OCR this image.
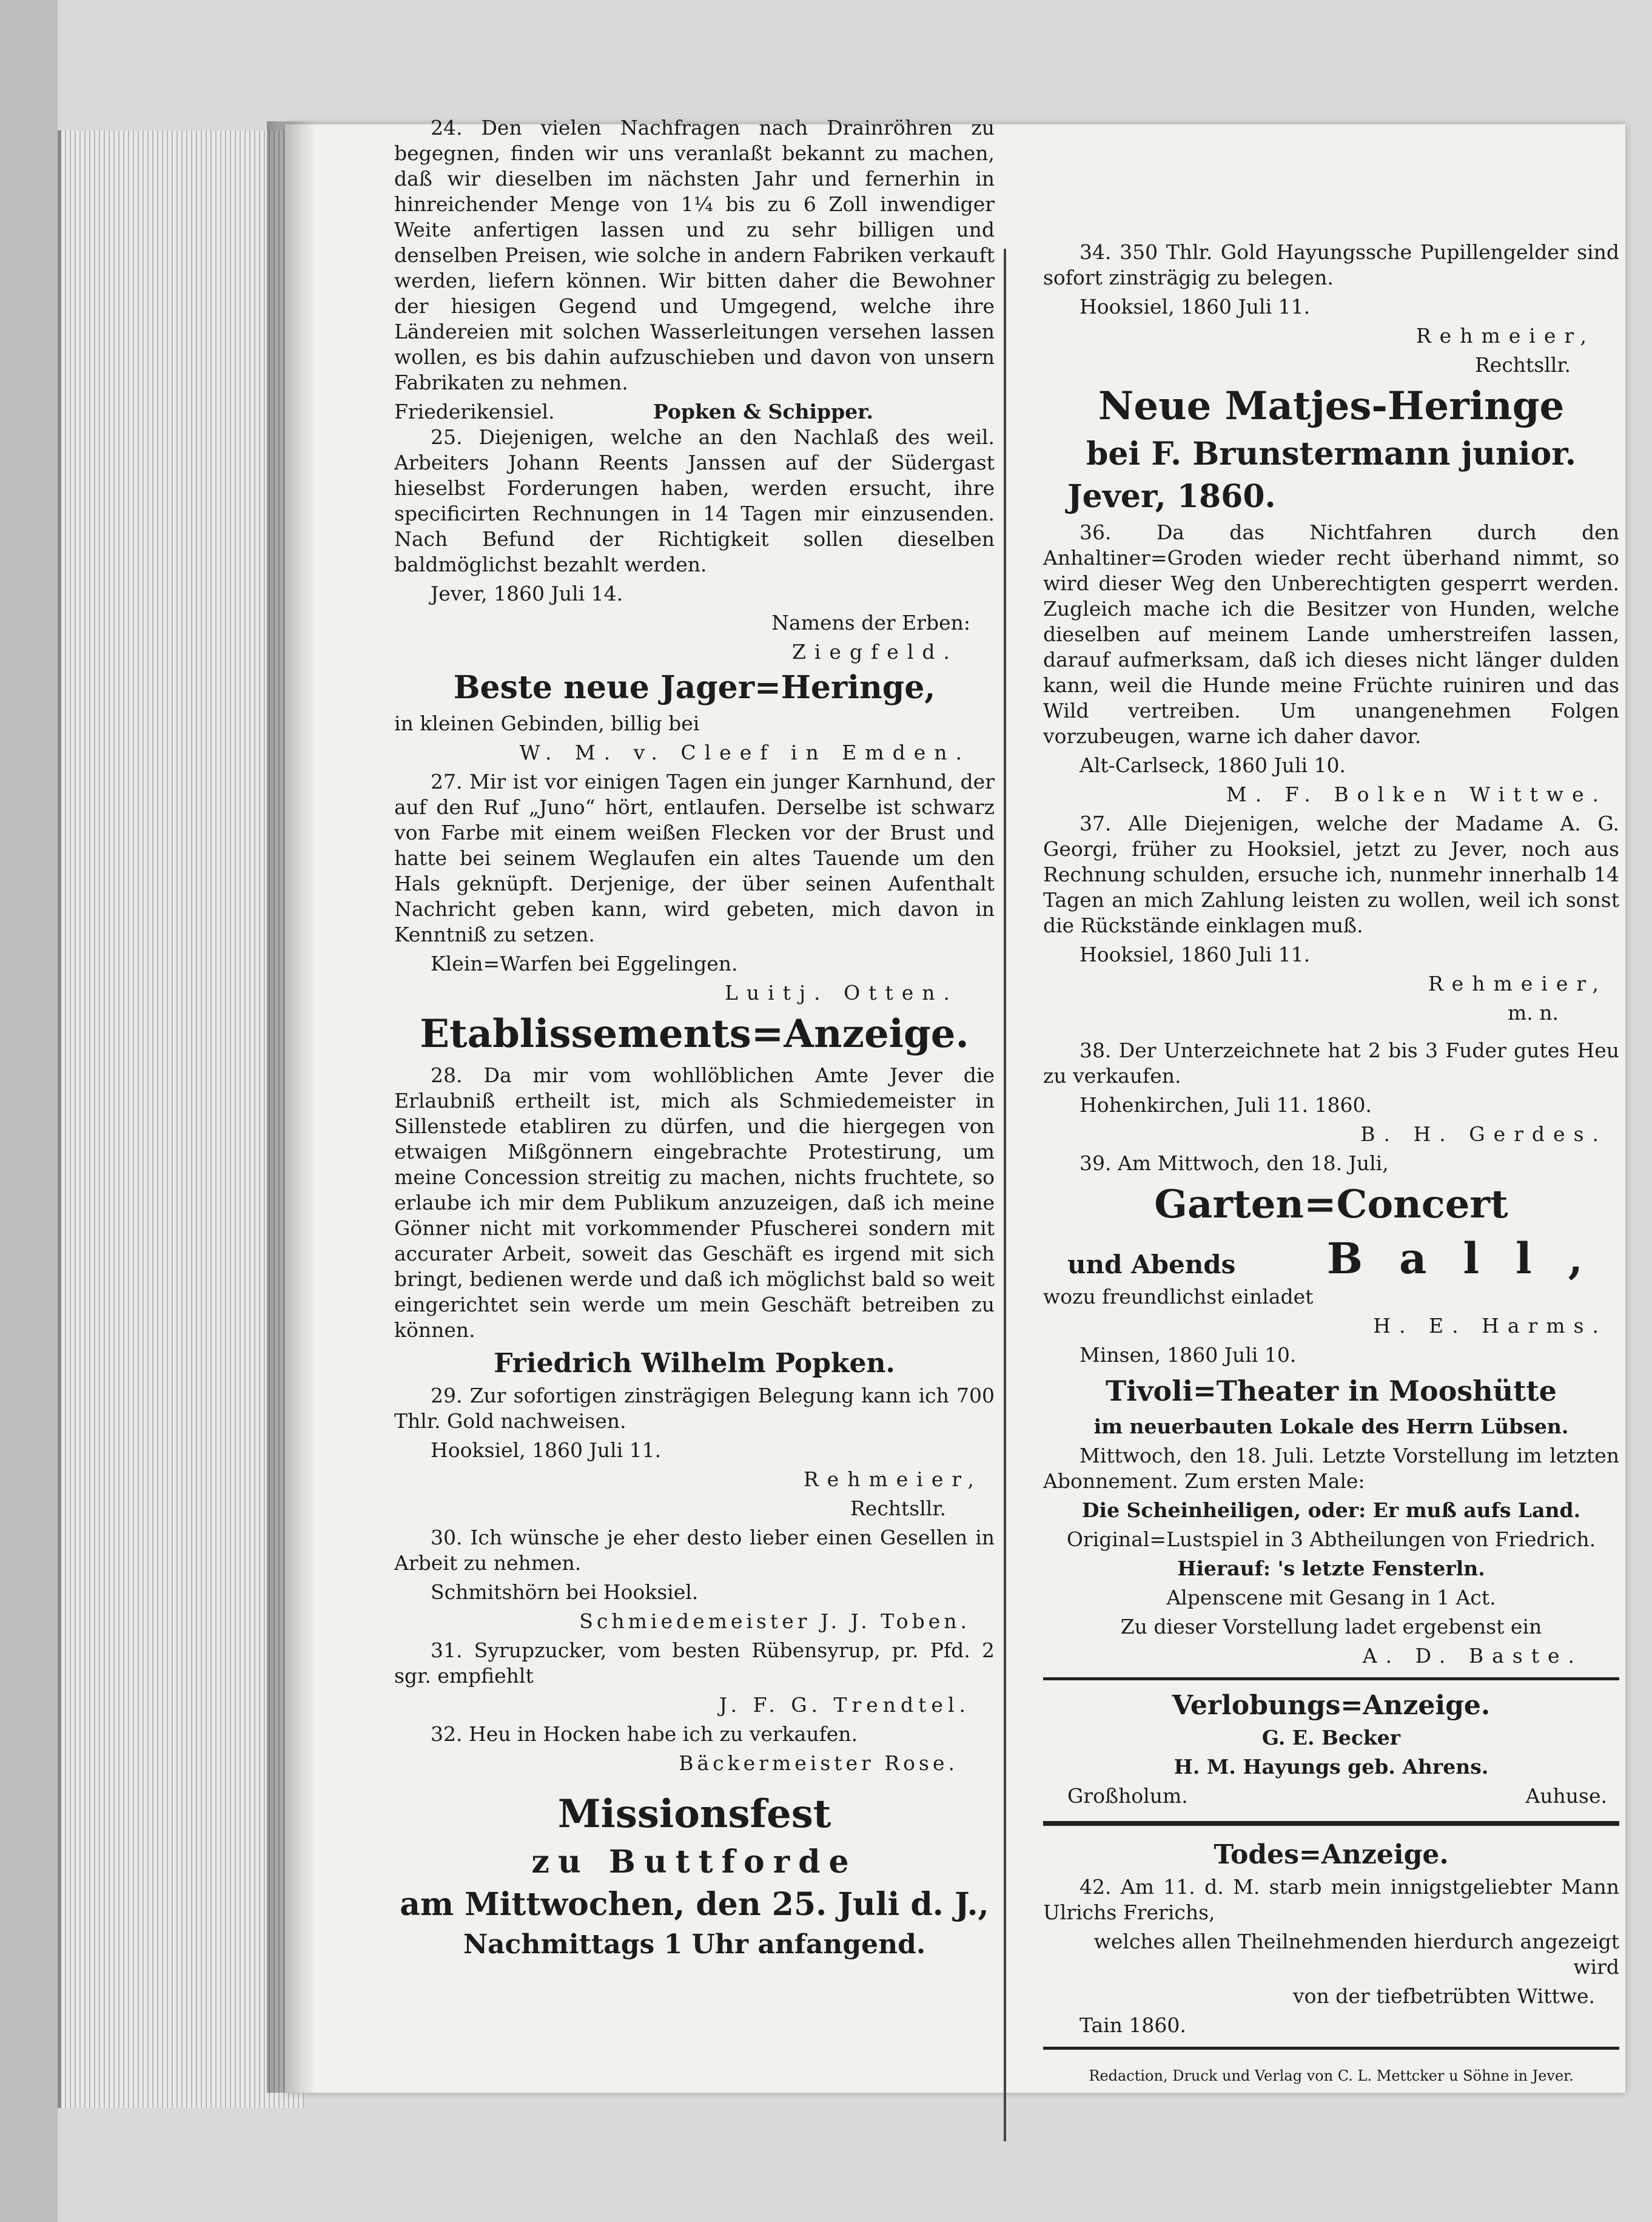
24. Den vielen Nachfragen nach Drainröhren zu begegnen, finden wir uns veranlaßt bekannt zu machen, daß wir dieselben im nächsten Jahr und fernerhin in hinreichender Menge von 1¼ bis zu 6 Zoll inwendiger Weite anfertigen lassen und zu sehr billigen und denselben Preisen, wie solche in andern Fabriken verkauft werden, liefern können. Wir bitten daher die Bewohner der hiesigen Gegend und Umgegend, welche ihre Ländereien mit solchen Wasserleitungen versehen lassen wollen, es bis dahin aufzuschieben und davon von unsern Fabrikaten zu nehmen.

Friederikensiel.	Popken & Schipper.

25. Diejenigen, welche an den Nachlaß des weil. Arbeiters Johann Reents Janssen auf der Südergast hieselbst Forderungen haben, werden ersucht, ihre specificirten Rechnungen in 14 Tagen mir einzusenden. Nach Befund der Richtigkeit sollen dieselben baldmöglichst bezahlt werden.

Jever, 1860 Juli 14.

Namens der Erben:

Ziegfeld.

Beste neue Jager=Heringe,

in kleinen Gebinden, billig bei

W. M. v. Cleef in Emden.

27. Mir ist vor einigen Tagen ein junger Karnhund, der auf den Ruf „Juno“ hört, entlaufen. Derselbe ist schwarz von Farbe mit einem weißen Flecken vor der Brust und hatte bei seinem Weglaufen ein altes Tauende um den Hals geknüpft. Derjenige, der über seinen Aufenthalt Nachricht geben kann, wird gebeten, mich davon in Kenntniß zu setzen.

Klein=Warfen bei Eggelingen.

Luitj. Otten.

Etablissements=Anzeige.

28. Da mir vom wohllöblichen Amte Jever die Erlaubniß ertheilt ist, mich als Schmiedemeister in Sillenstede etabliren zu dürfen, und die hiergegen von etwaigen Mißgönnern eingebrachte Protestirung, um meine Concession streitig zu machen, nichts fruchtete, so erlaube ich mir dem Publikum anzuzeigen, daß ich meine Gönner nicht mit vorkommender Pfuscherei sondern mit accurater Arbeit, soweit das Geschäft es irgend mit sich bringt, bedienen werde und daß ich möglichst bald so weit eingerichtet sein werde um mein Geschäft betreiben zu können.

Friedrich Wilhelm Popken.

29. Zur sofortigen zinsträgigen Belegung kann ich 700 Thlr. Gold nachweisen.

Hooksiel, 1860 Juli 11.

Rehmeier,

Rechtsllr.

30. Ich wünsche je eher desto lieber einen Gesellen in Arbeit zu nehmen.

Schmitshörn bei Hooksiel.

Schmiedemeister J. J. Toben.

31. Syrupzucker, vom besten Rübensyrup, pr. Pfd. 2 sgr. empfiehlt

J. F. G. Trendtel.

32. Heu in Hocken habe ich zu verkaufen.

Bäckermeister Rose.

Missionsfest
zu Buttforde
am Mittwochen, den 25. Juli d. J.,
Nachmittags 1 Uhr anfangend.

34. 350 Thlr. Gold Hayungssche Pupillengelder sind sofort zinsträgig zu belegen.

Hooksiel, 1860 Juli 11.

Rehmeier,

Rechtsllr.

Neue Matjes-Heringe
bei F. Brunstermann junior.
Jever, 1860.

36. Da das Nichtfahren durch den Anhaltiner=Groden wieder recht überhand nimmt, so wird dieser Weg den Unberechtigten gesperrt werden. Zugleich mache ich die Besitzer von Hunden, welche dieselben auf meinem Lande umherstreifen lassen, darauf aufmerksam, daß ich dieses nicht länger dulden kann, weil die Hunde meine Früchte ruiniren und das Wild vertreiben. Um unangenehmen Folgen vorzubeugen, warne ich daher davor.

Alt-Carlseck, 1860 Juli 10.

M. F. Bolken Wittwe.

37. Alle Diejenigen, welche der Madame A. G. Georgi, früher zu Hooksiel, jetzt zu Jever, noch aus Rechnung schulden, ersuche ich, nunmehr innerhalb 14 Tagen an mich Zahlung leisten zu wollen, weil ich sonst die Rückstände einklagen muß.

Hooksiel, 1860 Juli 11.

Rehmeier,

m. n.

38. Der Unterzeichnete hat 2 bis 3 Fuder gutes Heu zu verkaufen.

Hohenkirchen, Juli 11. 1860.

B. H. Gerdes.

39. Am Mittwoch, den 18. Juli,

Garten=Concert
und Abends Ball,

wozu freundlichst einladet

H. E. Harms.

Minsen, 1860 Juli 10.

Tivoli=Theater in Mooshütte

im neuerbauten Lokale des Herrn Lübsen.

Mittwoch, den 18. Juli. Letzte Vorstellung im letzten Abonnement. Zum ersten Male:

Die Scheinheiligen, oder: Er muß aufs Land.

Original=Lustspiel in 3 Abtheilungen von Friedrich.

Hierauf: 's letzte Fensterln.

Alpenscene mit Gesang in 1 Act.

Zu dieser Vorstellung ladet ergebenst ein

A. D. Baste.

Verlobungs=Anzeige.

G. E. Becker

H. M. Hayungs geb. Ahrens.

Großholum.	Auhuse.
Todes=Anzeige.

42. Am 11. d. M. starb mein innigstgeliebter Mann Ulrichs Frerichs,

welches allen Theilnehmenden hierdurch angezeigt wird

von der tiefbetrübten Wittwe.

Tain 1860.

Redaction, Druck und Verlag von C. L. Mettcker u Söhne in Jever.
